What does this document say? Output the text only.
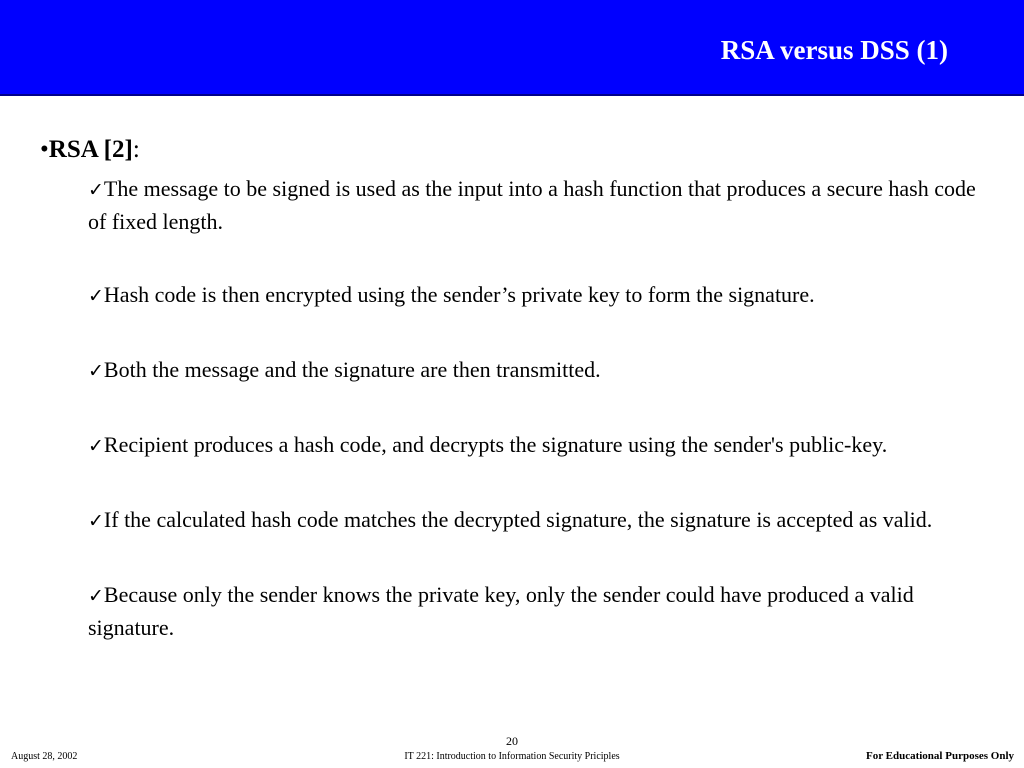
RSA versus DSS (1)
•RSA [2]:
✓The message to be signed is used as the input into a hash function that produces a secure hash code of fixed length.
✓Hash code is then encrypted using the sender’s private key to form the signature.
✓Both the message and the signature are then transmitted.
✓Recipient produces a hash code, and decrypts the signature using the sender's public-key.
✓If the calculated hash code matches the decrypted signature, the signature is accepted as valid.
✓Because only the sender knows the private key, only the sender could have produced a valid signature.
August 28, 2002
20
IT 221: Introduction to Information Security Priciples	For Educational Purposes Only
